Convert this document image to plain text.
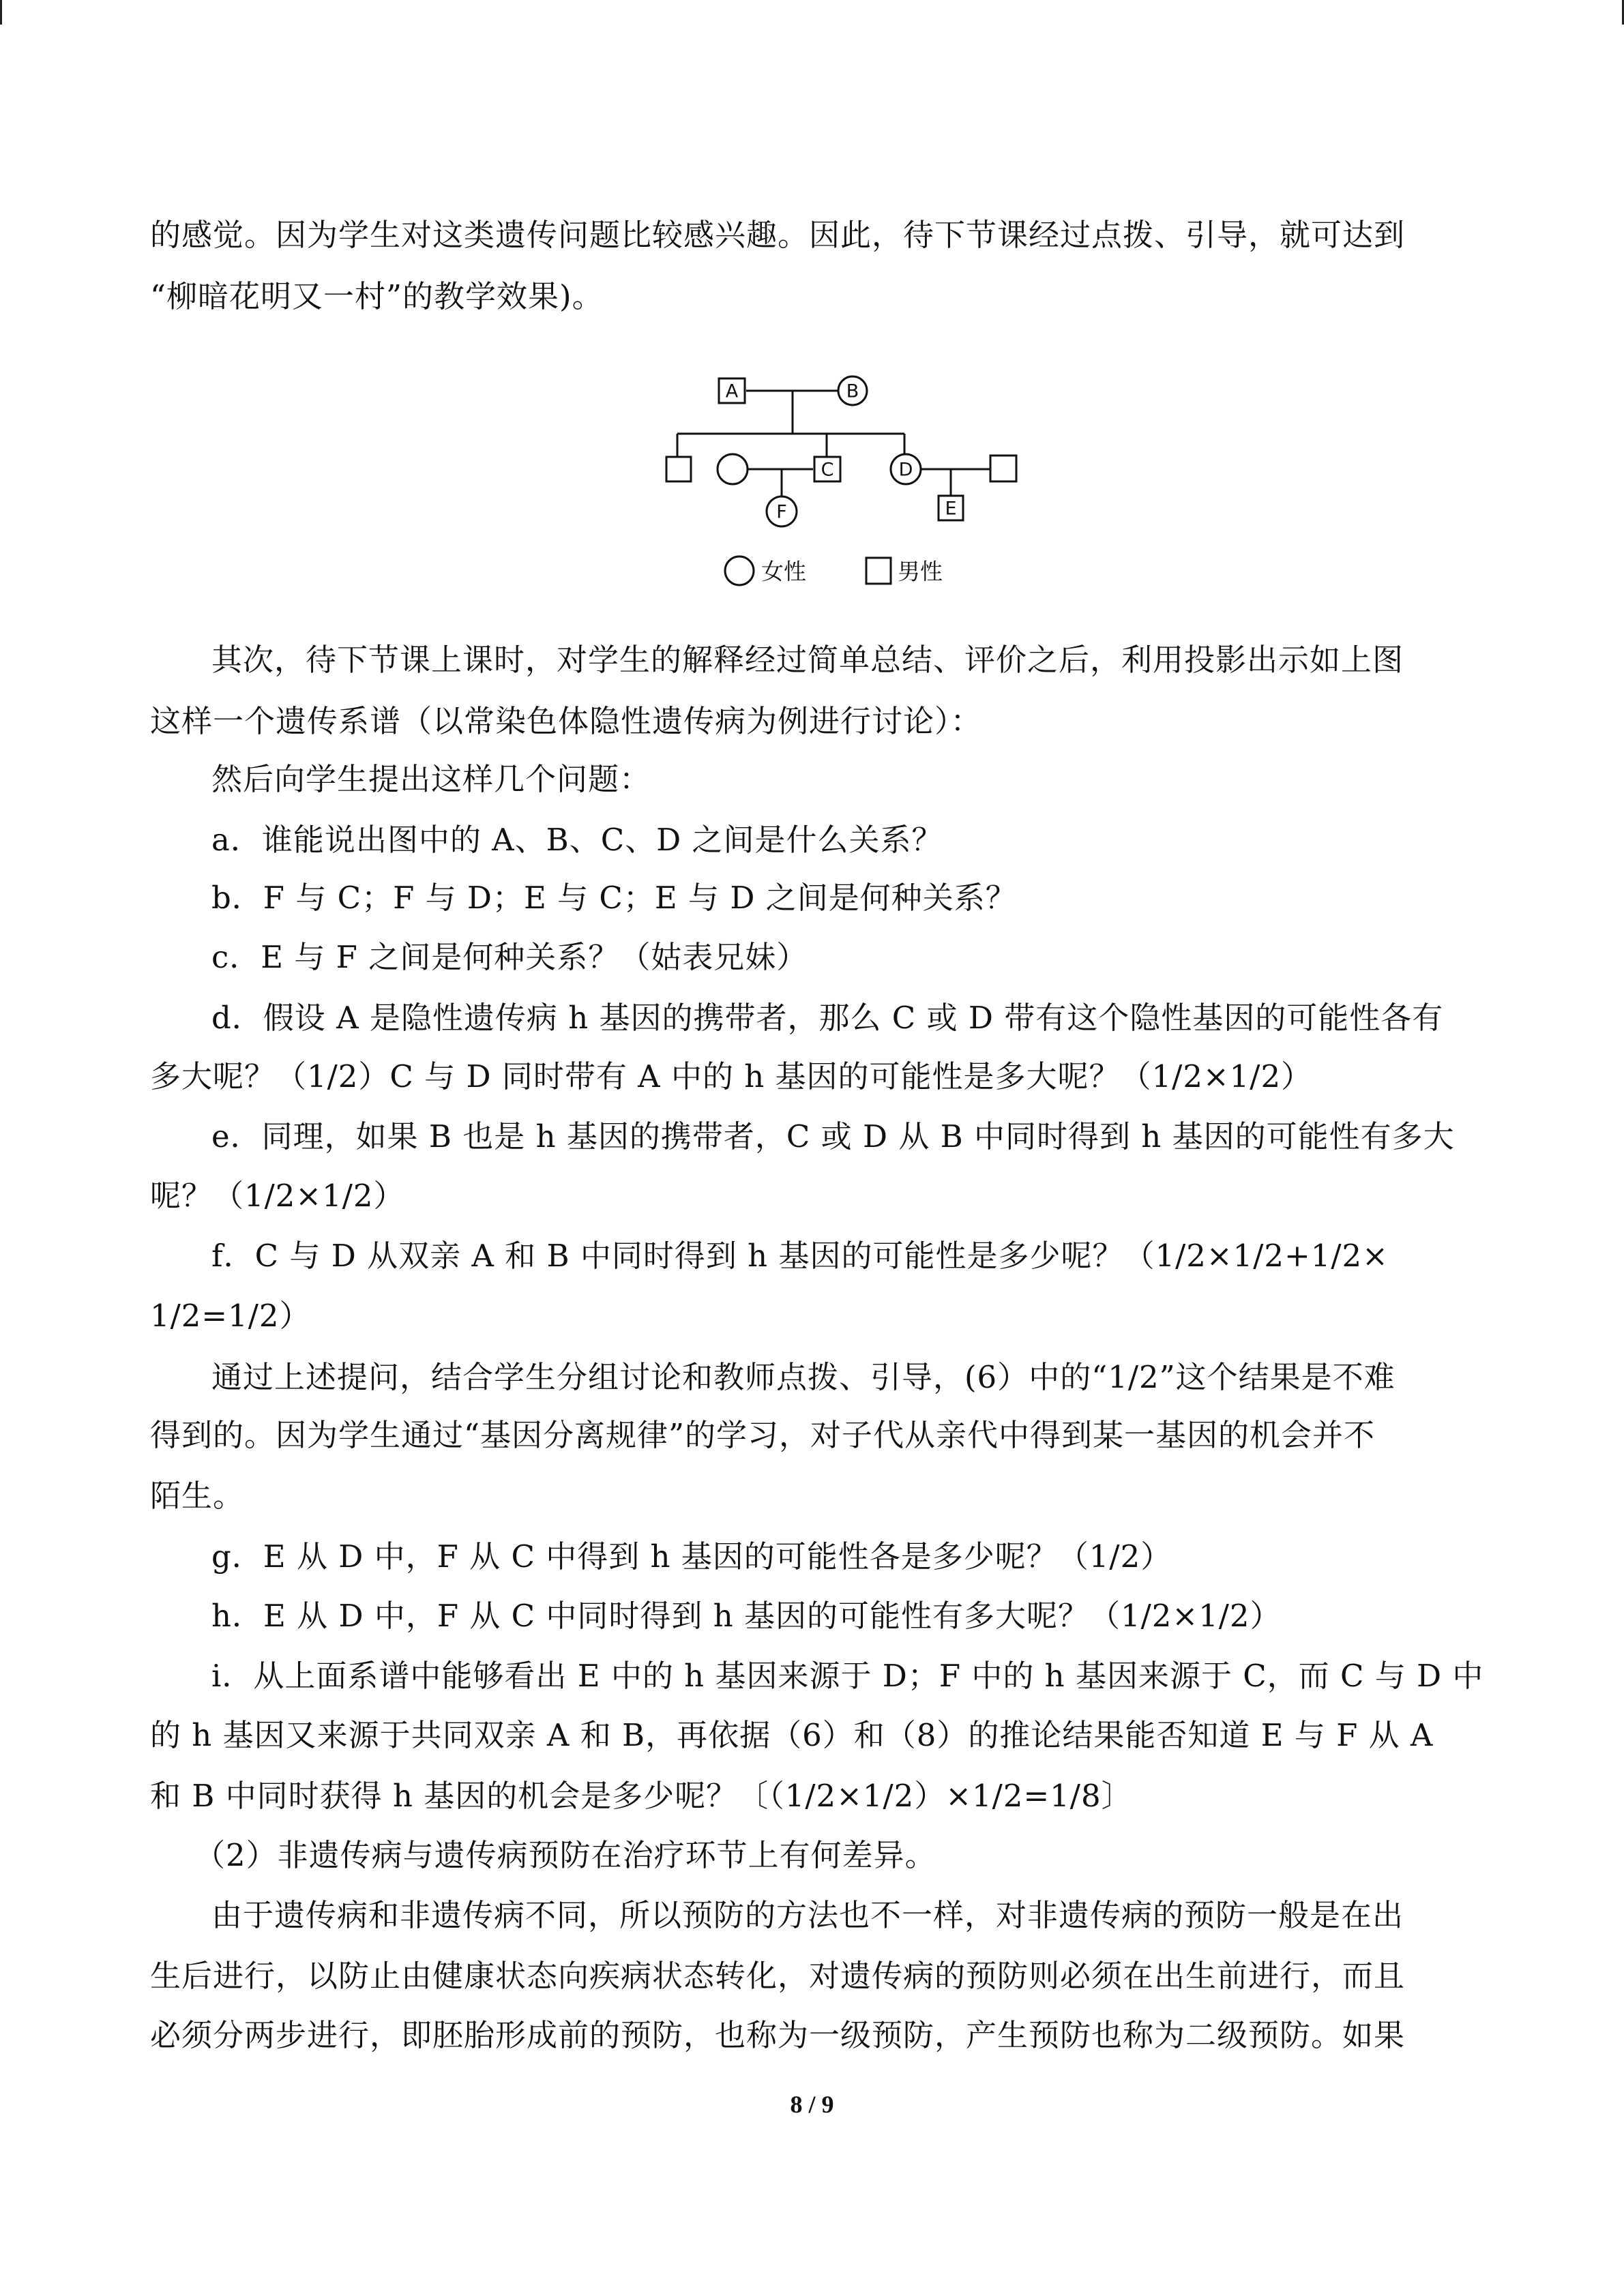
的感觉。因为学生对这类遗传问题比较感兴趣。因此，待下节课经过点拨、引导，就可达到
“柳暗花明又一村”的教学效果)。
A	B
C	D
F	E
女性	男性
其次，待下节课上课时，对学生的解释经过简单总结、评价之后，利用投影出示如上图
这样一个遗传系谱（以常染色体隐性遗传病为例进行讨论）：
然后向学生提出这样几个问题：
a．谁能说出图中的 A、B、C、D 之间是什么关系？
b．F 与 C；F 与 D；E 与 C；E 与 D 之间是何种关系？
c．E 与 F 之间是何种关系？（姑表兄妹）
d．假设 A 是隐性遗传病 h 基因的携带者，那么 C 或 D 带有这个隐性基因的可能性各有
多大呢？（1/2）C 与 D 同时带有 A 中的 h 基因的可能性是多大呢？（1/2×1/2）
e．同理，如果 B 也是 h 基因的携带者，C 或 D 从 B 中同时得到 h 基因的可能性有多大
呢？（1/2×1/2）
f．C 与 D 从双亲 A 和 B 中同时得到 h 基因的可能性是多少呢？（1/2×1/2+1/2×
1/2=1/2）
通过上述提问，结合学生分组讨论和教师点拨、引导，(6）中的“1/2”这个结果是不难
得到的。因为学生通过“基因分离规律”的学习，对子代从亲代中得到某一基因的机会并不
陌生。
g．E 从 D 中，F 从 C 中得到 h 基因的可能性各是多少呢？（1/2）
h．E 从 D 中，F 从 C 中同时得到 h 基因的可能性有多大呢？（1/2×1/2）
i．从上面系谱中能够看出 E 中的 h 基因来源于 D；F 中的 h 基因来源于 C，而 C 与 D 中
的 h 基因又来源于共同双亲 A 和 B，再依据（6）和（8）的推论结果能否知道 E 与 F 从 A
和 B 中同时获得 h 基因的机会是多少呢？〔（1/2×1/2）×1/2=1/8〕
（2）非遗传病与遗传病预防在治疗环节上有何差异。
由于遗传病和非遗传病不同，所以预防的方法也不一样，对非遗传病的预防一般是在出
生后进行，以防止由健康状态向疾病状态转化，对遗传病的预防则必须在出生前进行，而且
必须分两步进行，即胚胎形成前的预防，也称为一级预防，产生预防也称为二级预防。如果
8 / 9
